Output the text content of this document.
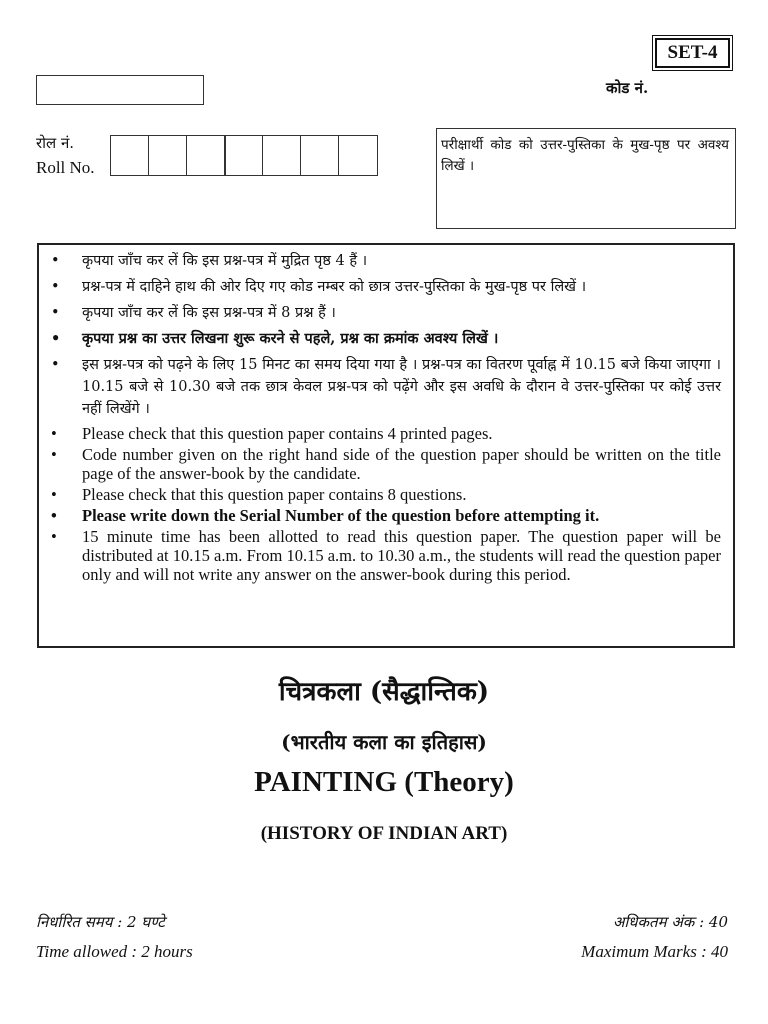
SET-4
कोड नं.
रोल नं.
Roll No.
परीक्षार्थी कोड को उत्तर-पुस्तिका के मुख-पृष्ठ पर अवश्य लिखें ।
• कृपया जाँच कर लें कि इस प्रश्न-पत्र में मुद्रित पृष्ठ 4 हैं ।
• प्रश्न-पत्र में दाहिने हाथ की ओर दिए गए कोड नम्बर को छात्र उत्तर-पुस्तिका के मुख-पृष्ठ पर लिखें ।
• कृपया जाँच कर लें कि इस प्रश्न-पत्र में 8 प्रश्न हैं ।
• कृपया प्रश्न का उत्तर लिखना शुरू करने से पहले, प्रश्न का क्रमांक अवश्य लिखें ।
• इस प्रश्न-पत्र को पढ़ने के लिए 15 मिनट का समय दिया गया है । प्रश्न-पत्र का वितरण पूर्वाह्न में 10.15 बजे किया जाएगा । 10.15 बजे से 10.30 बजे तक छात्र केवल प्रश्न-पत्र को पढ़ेंगे और इस अवधि के दौरान वे उत्तर-पुस्तिका पर कोई उत्तर नहीं लिखेंगे ।
• Please check that this question paper contains 4 printed pages.
• Code number given on the right hand side of the question paper should be written on the title page of the answer-book by the candidate.
• Please check that this question paper contains 8 questions.
• Please write down the Serial Number of the question before attempting it.
• 15 minute time has been allotted to read this question paper. The question paper will be distributed at 10.15 a.m. From 10.15 a.m. to 10.30 a.m., the students will read the question paper only and will not write any answer on the answer-book during this period.
चित्रकला (सैद्धान्तिक)
(भारतीय कला का इतिहास)
PAINTING (Theory)
(HISTORY OF INDIAN ART)
निर्धारित समय : 2 घण्टे
Time allowed : 2 hours
अधिकतम अंक : 40
Maximum Marks : 40
